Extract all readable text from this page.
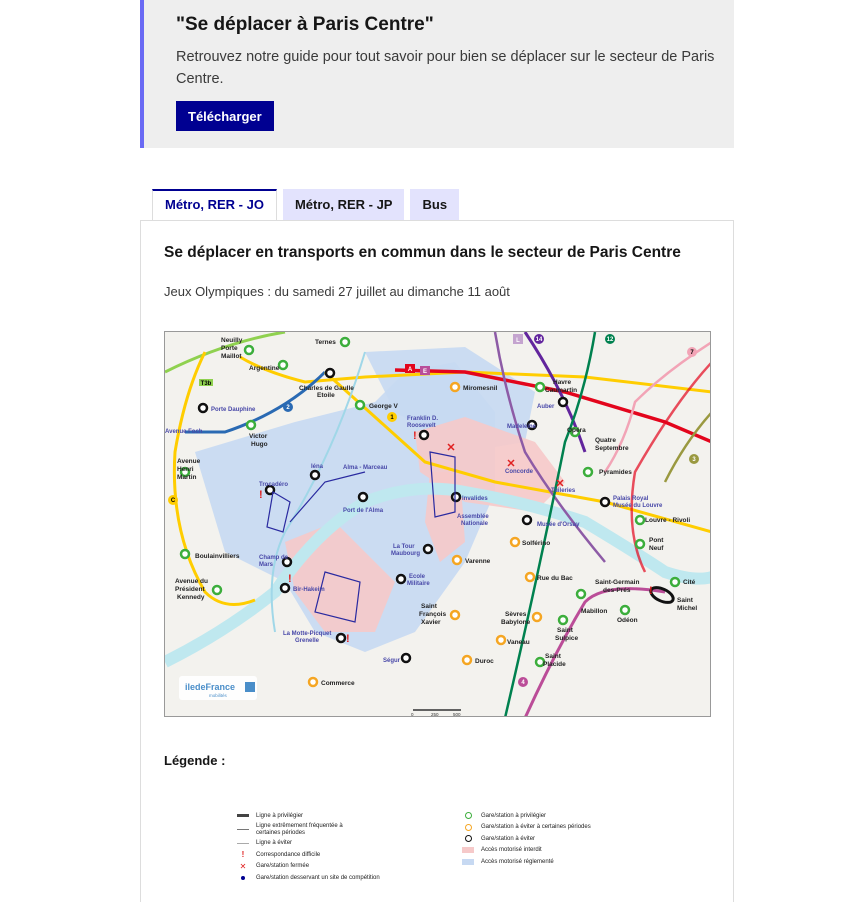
"Se déplacer à Paris Centre"

Retrouvez notre guide pour tout savoir pour bien se déplacer sur le secteur de Paris Centre.

Télécharger
Métro, RER - JO	Métro, RER - JP	Bus
Se déplacer en transports en commun dans le secteur de Paris Centre

Jeux Olympiques : du samedi 27 juillet au dimanche 11 août

!
!
!
!
!
Neuilly
Porte
Maillot
Ternes
Argentine
Charles de Gaulle
Etoile
Miromesnil
Havre
Caumartin
Porte Dauphine	George V	Auber
Victor
Hugo
Franklin D.
Roosevelt	Madeleine	Opéra
Quatre
Septembre
Avenue Foch
Avenue
Henri
Martin
Iéna	Alma - Marceau
Concorde	Pyramides
Trocadéro
Tuileries
Palais Royal
Musée du Louvre
Port de l'Alma
Invalides
Musée d'Orsay
Louvre - Rivoli
Assemblée
Nationale
Pont
Neuf
Boulainvilliers
La Tour
Maubourg
Solférino
Champ de
Mars	Varenne
Bir-Hakeim
Ecole
Militaire
Rue du Bac
Saint-Germain
des-Prés
Cité
Avenue du
Président
Kennedy	Saint
Michel
Mabillon
Odéon
Saint
François
Xavier
Sèvres
Babylone
Saint
Sulpice
La Motte-Picquet
Grenelle	Vaneau
Ségur	Duroc
Saint
Placide
Commerce
T3b
2
1
A E
L	14	12
7
3
C
4
iledeFrance
mobilités
0	250	500

Légende :

Ligne à privilégier
Ligne extrêmement fréquentée à certaines périodes
Ligne à éviter
!	Correspondance difficile
✕	Gare/station fermée
Gare/station desservant un site de compétition
Gare/station à privilégier
Gare/station à éviter à certaines périodes
Gare/station à éviter
Accès motorisé interdit
Accès motorisé réglementé
